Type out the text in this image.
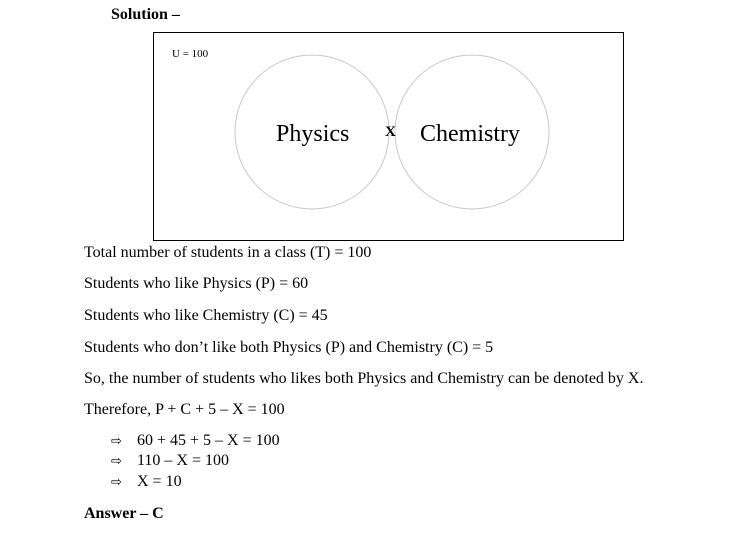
Solution –
U = 100
Physics X Chemistry
Total number of students in a class (T) = 100
Students who like Physics (P) = 60
Students who like Chemistry (C) = 45
Students who don’t like both Physics (P) and Chemistry (C) = 5
So, the number of students who likes both Physics and Chemistry can be denoted by X.
Therefore, P + C + 5 – X = 100
⇨ 60 + 45 + 5 – X = 100
⇨ 110 – X = 100
⇨ X = 10
Answer – C
